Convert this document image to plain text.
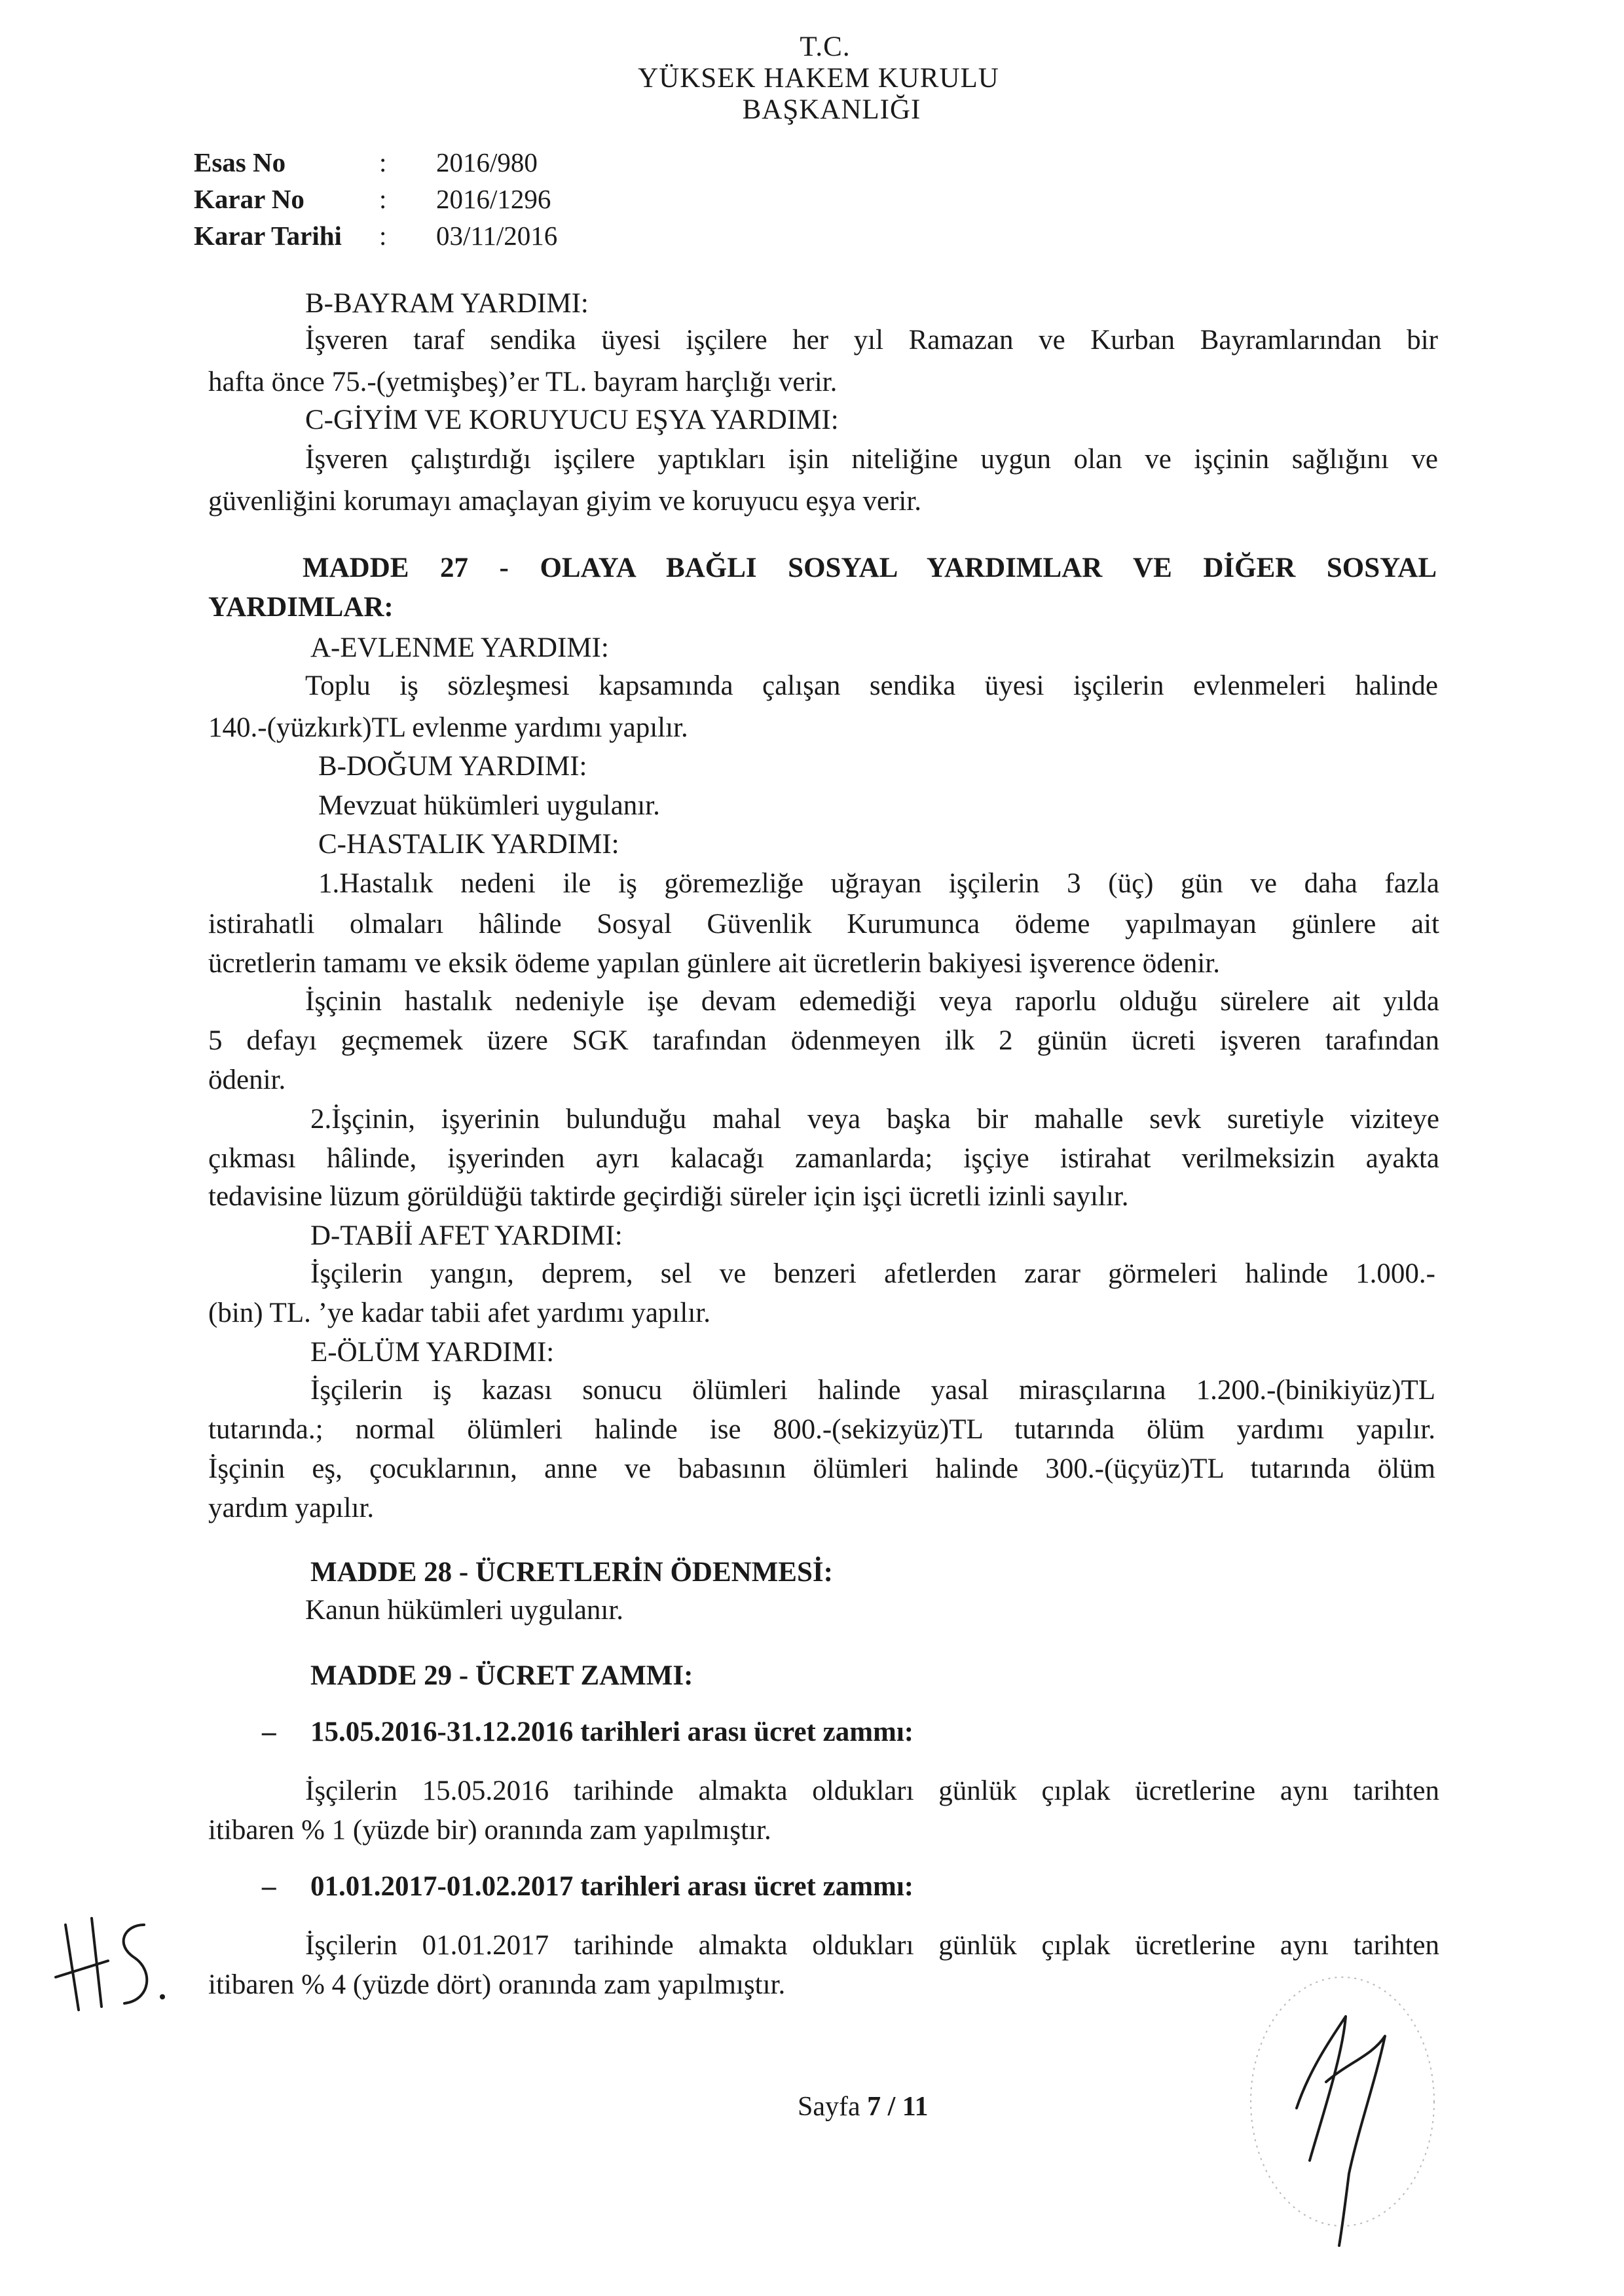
T.C.
YÜKSEK HAKEM KURULU
BAŞKANLIĞI
Esas No	: 2016/980
Karar No	: 2016/1296
Karar Tarihi : 03/11/2016
B-BAYRAM YARDIMI:
İşveren taraf sendika üyesi işçilere her yıl Ramazan ve Kurban Bayramlarından bir
hafta önce 75.-(yetmişbeş)’er TL. bayram harçlığı verir.
C-GİYİM VE KORUYUCU EŞYA YARDIMI:
İşveren çalıştırdığı işçilere yaptıkları işin niteliğine uygun olan ve işçinin sağlığını ve
güvenliğini korumayı amaçlayan giyim ve koruyucu eşya verir.
MADDE 27 - OLAYA BAĞLI SOSYAL YARDIMLAR VE DİĞER SOSYAL
YARDIMLAR:
A-EVLENME YARDIMI:
Toplu iş sözleşmesi kapsamında çalışan sendika üyesi işçilerin evlenmeleri halinde
140.-(yüzkırk)TL evlenme yardımı yapılır.
B-DOĞUM YARDIMI:
Mevzuat hükümleri uygulanır.
C-HASTALIK YARDIMI:
1.Hastalık nedeni ile iş göremezliğe uğrayan işçilerin 3 (üç) gün ve daha fazla
istirahatli olmaları hâlinde Sosyal Güvenlik Kurumunca ödeme yapılmayan günlere ait
ücretlerin tamamı ve eksik ödeme yapılan günlere ait ücretlerin bakiyesi işverence ödenir.
İşçinin hastalık nedeniyle işe devam edemediği veya raporlu olduğu sürelere ait yılda
5 defayı geçmemek üzere SGK tarafından ödenmeyen ilk 2 günün ücreti işveren tarafından
ödenir.
2.İşçinin, işyerinin bulunduğu mahal veya başka bir mahalle sevk suretiyle viziteye
çıkması hâlinde, işyerinden ayrı kalacağı zamanlarda; işçiye istirahat verilmeksizin ayakta
tedavisine lüzum görüldüğü taktirde geçirdiği süreler için işçi ücretli izinli sayılır.
D-TABİİ AFET YARDIMI:
İşçilerin yangın, deprem, sel ve benzeri afetlerden zarar görmeleri halinde 1.000.-
(bin) TL. ’ye kadar tabii afet yardımı yapılır.
E-ÖLÜM YARDIMI:
İşçilerin iş kazası sonucu ölümleri halinde yasal mirasçılarına 1.200.-(binikiyüz)TL
tutarında.; normal ölümleri halinde ise 800.-(sekizyüz)TL tutarında ölüm yardımı yapılır.
İşçinin eş, çocuklarının, anne ve babasının ölümleri halinde 300.-(üçyüz)TL tutarında ölüm
yardım yapılır.
MADDE 28 - ÜCRETLERİN ÖDENMESİ:
Kanun hükümleri uygulanır.
MADDE 29 - ÜCRET ZAMMI:
– 15.05.2016-31.12.2016 tarihleri arası ücret zammı:
İşçilerin 15.05.2016 tarihinde almakta oldukları günlük çıplak ücretlerine aynı tarihten
itibaren % 1 (yüzde bir) oranında zam yapılmıştır.
– 01.01.2017-01.02.2017 tarihleri arası ücret zammı:
İşçilerin 01.01.2017 tarihinde almakta oldukları günlük çıplak ücretlerine aynı tarihten
itibaren % 4 (yüzde dört) oranında zam yapılmıştır.
Sayfa 7 / 11
